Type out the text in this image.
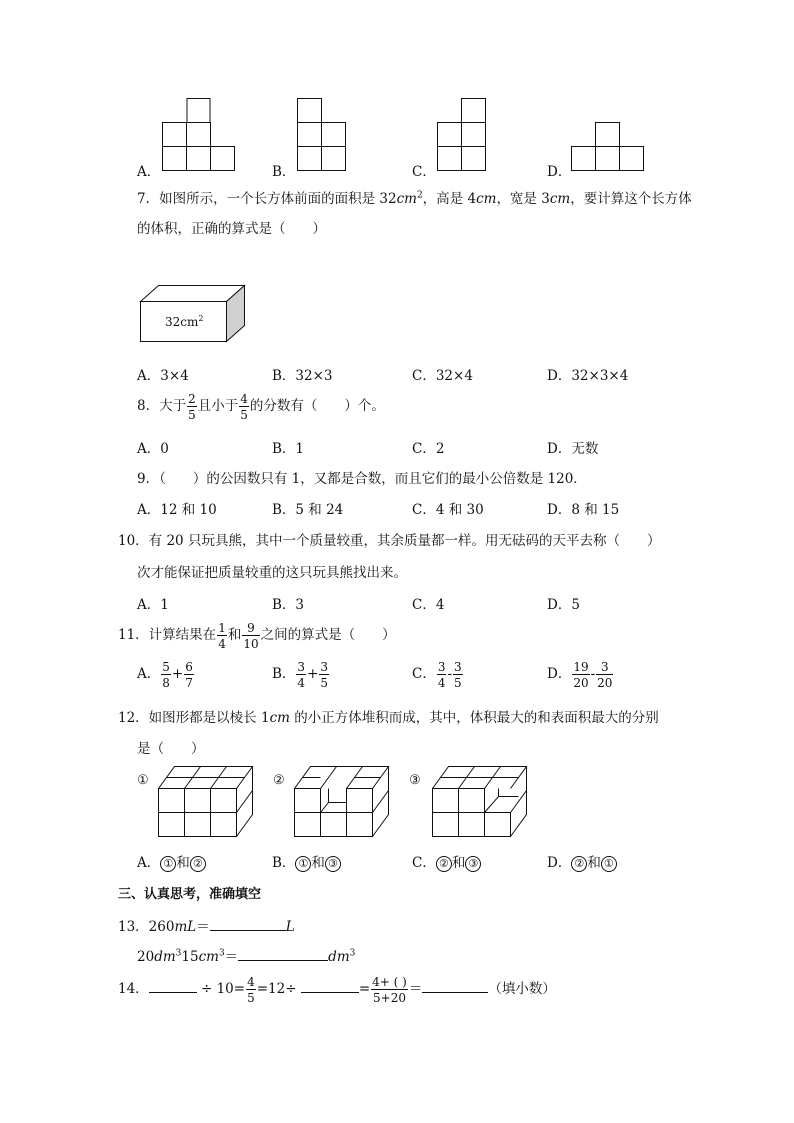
A．	B．	C．	D．
7．如图所示，一个长方体前面的面积是 $32cm^2$，高是 4cm，宽是 3cm，要计算这个长方体
的体积，正确的算式是（　　）
$32cm^2$
A．3×4	B．32×3	C．32×4	D．32×3×4
8．大于 $\frac{2}{5}$ 且小于 $\frac{4}{5}$ 的分数有（　　）个。
A．0	B．1	C．2	D．无数
9．（　　）的公因数只有 1，又都是合数，而且它们的最小公倍数是 120．
A．12 和 10	B．5 和 24	C．4 和 30	D．8 和 15
10．有 20 只玩具熊，其中一个质量较重，其余质量都一样。用无砝码的天平去称（　　）
次才能保证把质量较重的这只玩具熊找出来。
A．1	B．3	C．4	D．5
11．计算结果在 $\frac{1}{4}$ 和 $\frac{9}{10}$ 之间的算式是（　　）
A． $\frac{5}{8} + \frac{6}{7}$	B． $\frac{3}{4} + \frac{3}{5}$	C． $\frac{3}{4} - \frac{3}{5}$	D． $\frac{19}{20} - \frac{3}{20}$
12．如图形都是以棱长 1cm 的小正方体堆积而成，其中，体积最大的和表面积最大的分别
是（　　）
①	②	③
A． ① 和 ②	B． ① 和 ③	C． ② 和 ③	D． ② 和 ①
三、认真思考，准确填空
13．260mL＝	L
$20dm^315cm^3=$	$dm^3$
14．	÷ $10= \frac{4}{5} =12\div$	= $\frac{4+ ( )}{5+20}$ ＝	（填小数）
